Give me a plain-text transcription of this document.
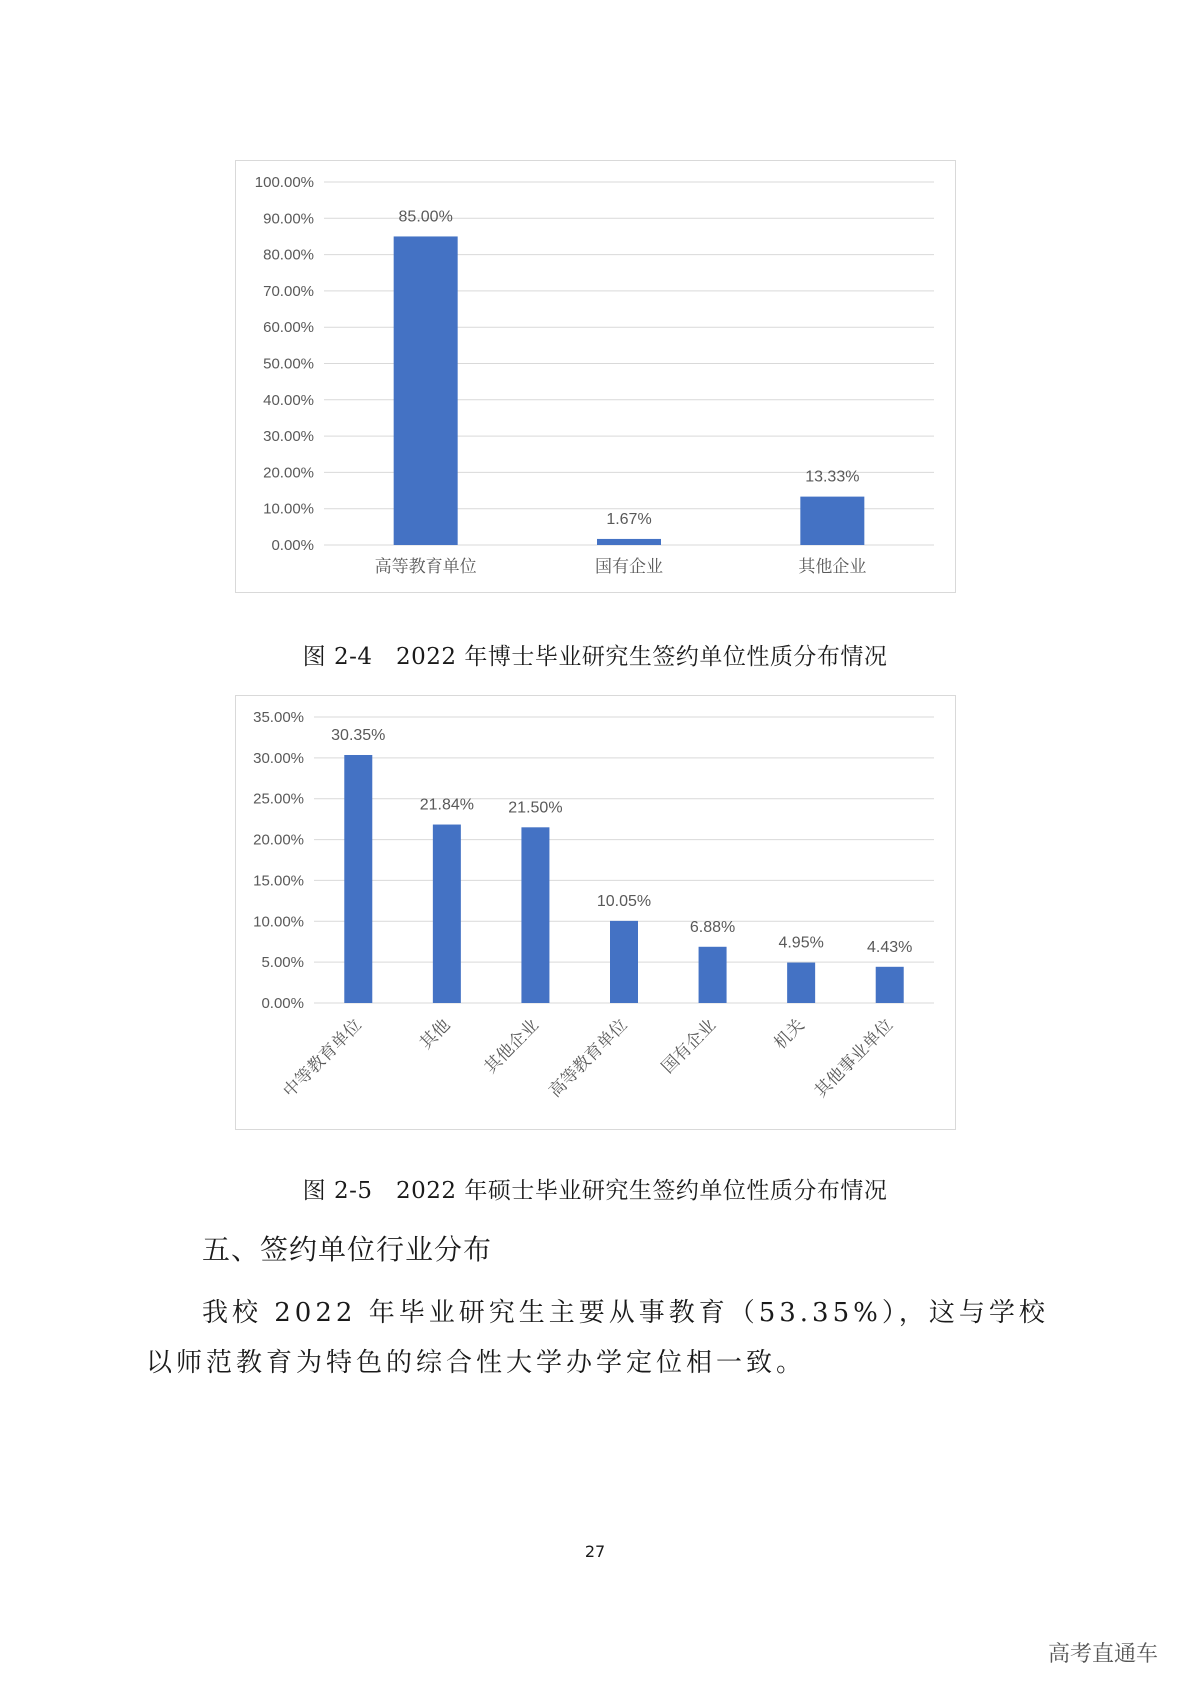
0.00%
10.00%
20.00%
30.00%
40.00%
50.00%
60.00%
70.00%
80.00%
90.00%
100.00%
85.00%
高等教育单位
1.67%
国有企业
13.33%
其他企业
图 2-4　2022 年博士毕业研究生签约单位性质分布情况
0.00%
5.00%
10.00%
15.00%
20.00%
25.00%
30.00%
35.00%
30.35%
中等教育单位
21.84%
其他
21.50%
其他企业
10.05%
高等教育单位
6.88%
国有企业
4.95%
机关
4.43%
其他事业单位
图 2-5　2022 年硕士毕业研究生签约单位性质分布情况
五、签约单位行业分布
我校 2022 年毕业研究生主要从事教育（53.35%），这与学校以师范教育为特色的综合性大学办学定位相一致。
27
高考直通车
